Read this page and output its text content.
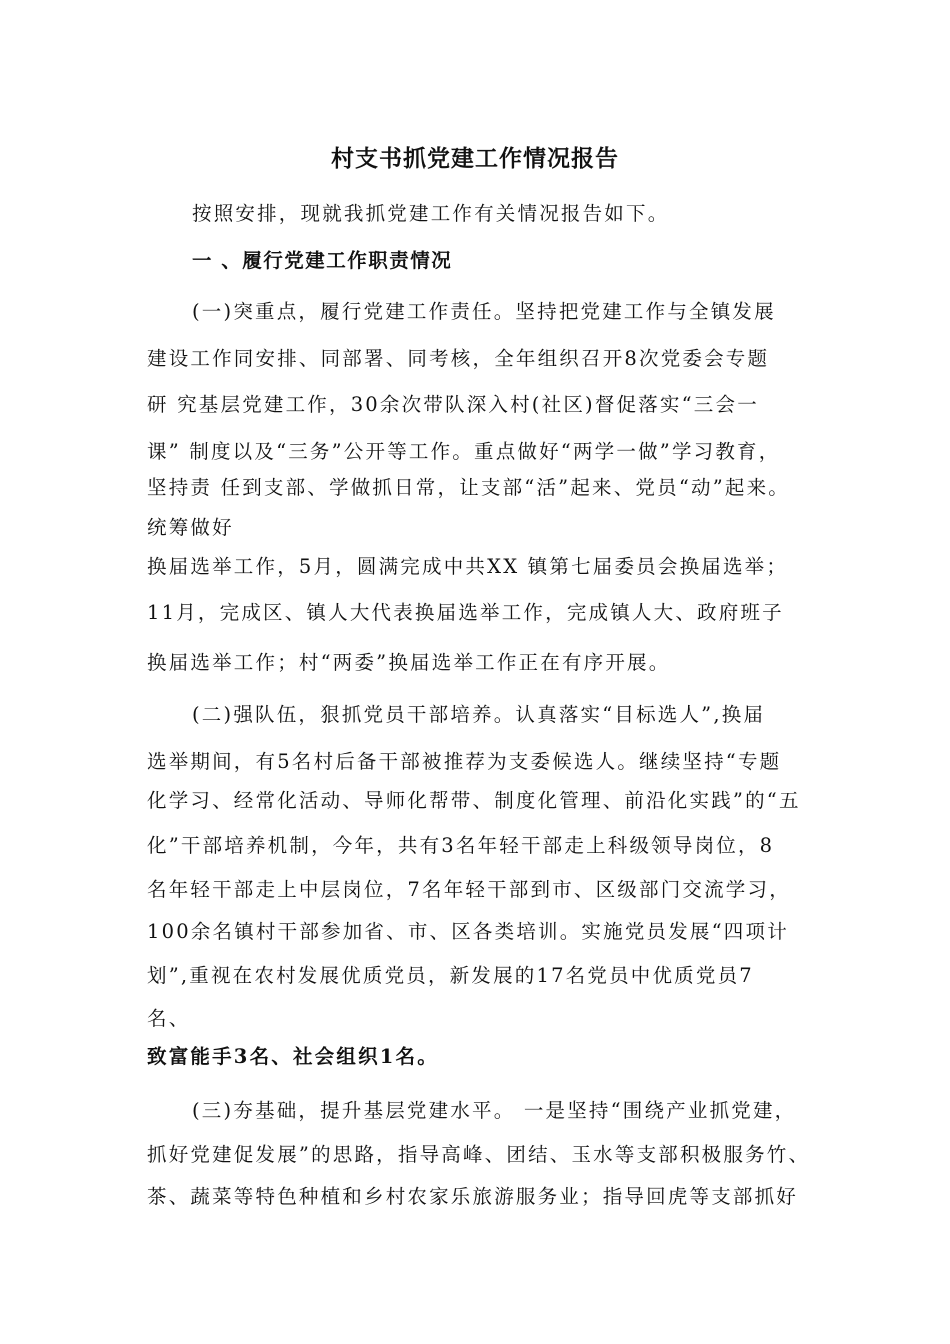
村支书抓党建工作情况报告
按照安排，现就我抓党建工作有关情况报告如下。
一 、履行党建工作职责情况
(一)突重点，履行党建工作责任。坚持把党建工作与全镇发展
建设工作同安排、同部署、同考核，全年组织召开8次党委会专题
研 究基层党建工作，30余次带队深入村(社区)督促落实“三会一
课” 制度以及“三务”公开等工作。重点做好“两学一做”学习教育，
坚持责 任到支部、学做抓日常，让支部“活”起来、党员“动”起来。
统筹做好
换届选举工作，5月，圆满完成中共XX 镇第七届委员会换届选举；
11月，完成区、镇人大代表换届选举工作，完成镇人大、政府班子
换届选举工作；村“两委”换届选举工作正在有序开展。
(二)强队伍，狠抓党员干部培养。认真落实“目标选人”,换届
选举期间，有5名村后备干部被推荐为支委候选人。继续坚持“专题
化学习、经常化活动、导师化帮带、制度化管理、前沿化实践”的“五
化”干部培养机制，今年，共有3名年轻干部走上科级领导岗位，8
名年轻干部走上中层岗位，7名年轻干部到市、区级部门交流学习，
100余名镇村干部参加省、市、区各类培训。实施党员发展“四项计
划”,重视在农村发展优质党员，新发展的17名党员中优质党员7
名、
致富能手3名、社会组织1名。
(三)夯基础，提升基层党建水平。 一是坚持“围绕产业抓党建，
抓好党建促发展”的思路，指导高峰、团结、玉水等支部积极服务竹、
茶、蔬菜等特色种植和乡村农家乐旅游服务业；指导回虎等支部抓好
